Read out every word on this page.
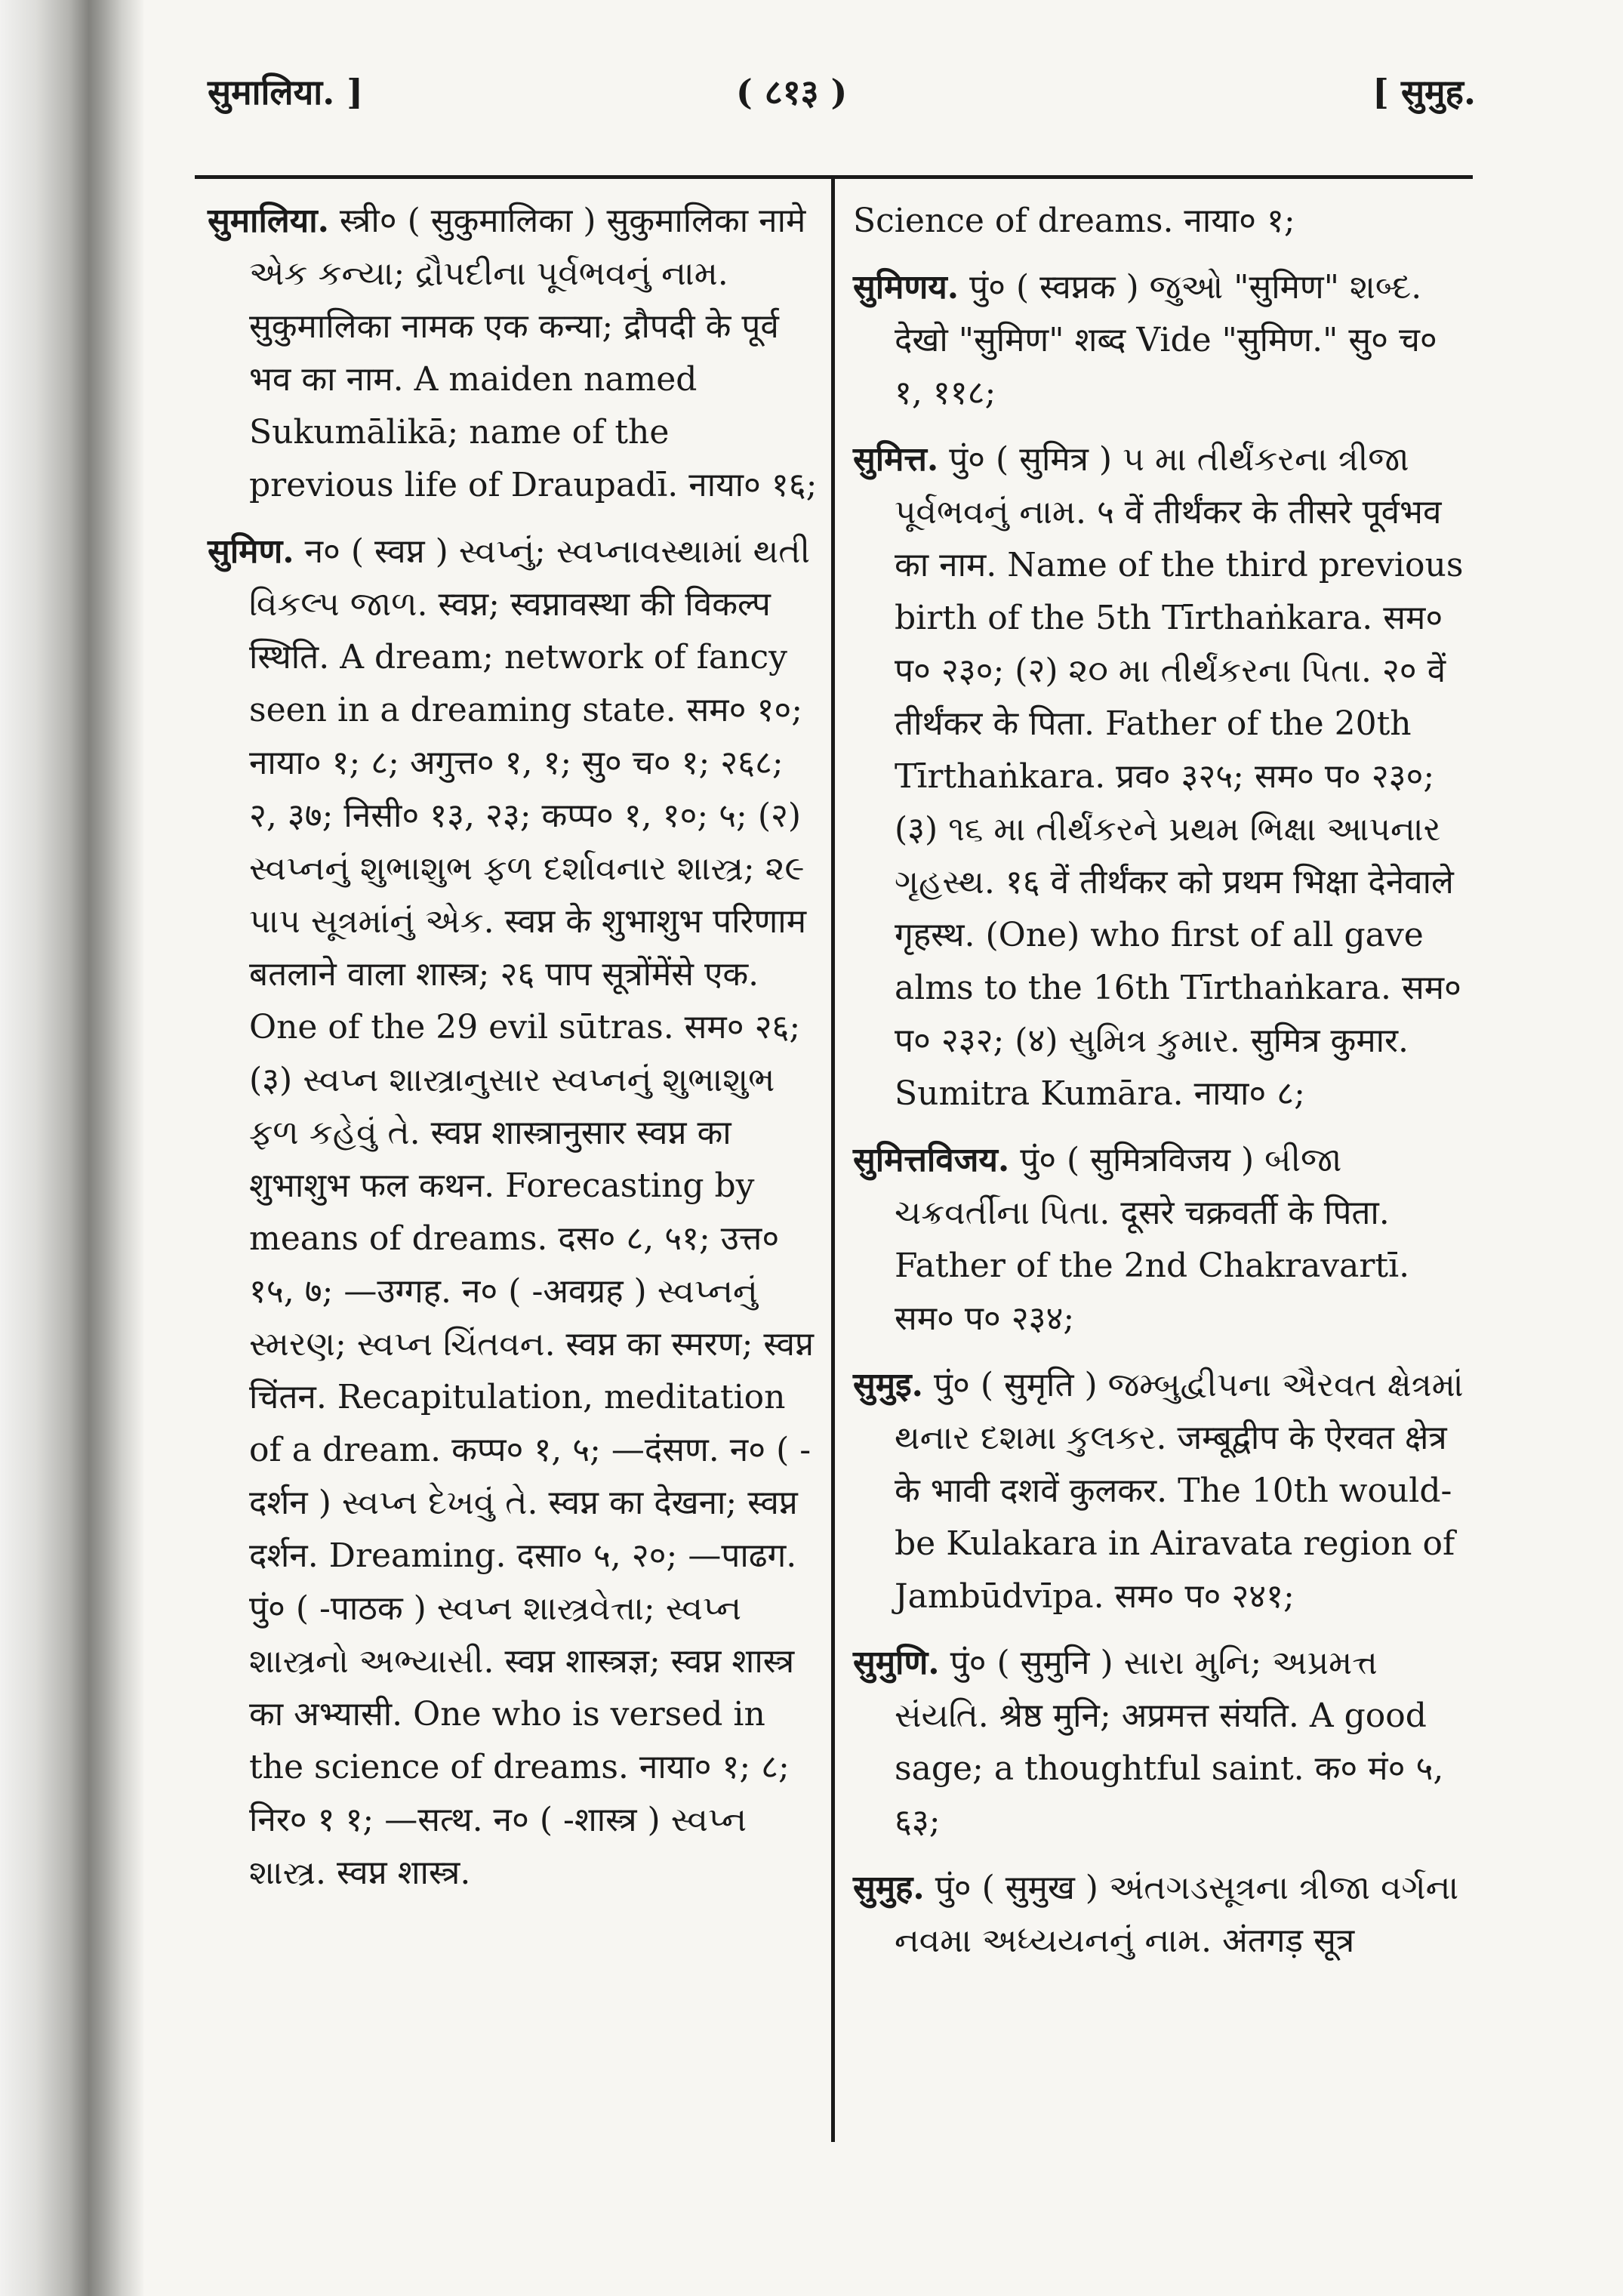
सुमालिया. ]	( ८१३ )	[ सुमुह.

सुमालिया. स्त्री० ( सुकुमालिका ) सुकुमालिका नामे એક કન્યા; દ્રૌપદીના પૂર્વભવનું નામ. सुकुमालिका नामक एक कन्या; द्रौपदी के पूर्व भव का नाम. A maiden named Sukumālikā; name of the previous life of Draupadī. नाया० १६;

सुमिण. न० ( स्वप्न ) સ્વપ્નું; સ્વપ્નાવસ્થામાં થતી વિકલ્પ જાળ. स्वप्न; स्वप्नावस्था की विकल्प स्थिति. A dream; network of fancy seen in a dreaming state. सम० १०; नाया० १; ८; अगुत्त० १, १; सु० च० १; २६८; २, ३७; निसी० १३, २३; कप्प० १, १०; ५; (२) સ્વપ્નનું શુભાશુભ ફળ દર્શાવનાર શાસ્ત્ર; ૨૯ પાપ સૂત્રમાંનું એક. स्वप्न के शुभाशुभ परिणाम बतलाने वाला शास्त्र; २६ पाप सूत्रोंमेंसे एक. One of the 29 evil sūtras. सम० २६; (३) સ્વપ્ન શાસ્ત્રાનુસાર સ્વપ્નનું શુભાશુભ ફળ કહેવું તે. स्वप्न शास्त्रानुसार स्वप्न का शुभाशुभ फल कथन. Forecasting by means of dreams. दस० ८, ५१; उत्त० १५, ७; —उग्गह. न० ( -अवग्रह ) સ્વપ્નનું સ્મરણ; સ્વપ્ન ચિંતવન. स्वप्न का स्मरण; स्वप्न चिंतन. Recapitulation, meditation of a dream. कप्प० १, ५; —दंसण. न० ( -दर्शन ) સ્વપ્ન દેખવું તે. स्वप्न का देखना; स्वप्न दर्शन. Dreaming. दसा० ५, २०; —पाढग. पुं० ( -पाठक ) સ્વપ્ન શાસ્ત્રવેત્તા; સ્વપ્ન શાસ્ત્રનો અભ્યાસી. स्वप्न शास्त्रज्ञ; स्वप्न शास्त्र का अभ्यासी. One who is versed in the science of dreams. नाया० १; ८; निर० १ १; —सत्थ. न० ( -शास्त्र ) સ્વપ્ન શાસ્ત્ર. स्वप्न शास्त्र.

Science of dreams. नाया० १;

सुमिणय. पुं० ( स्वप्नक ) જુઓ "सुमिण" શબ્દ. देखो "सुमिण" शब्द Vide "सुमिण." सु० च० १, ११८;

सुमित्त. पुं० ( सुमित्र ) ૫ મા તીર્થંકરના ત્રીજા પૂર્વભવનું નામ. ५ वें तीर्थंकर के तीसरे पूर्वभव का नाम. Name of the third previous birth of the 5th Tīrthaṅkara. सम० प० २३०; (२) ૨૦ મા તીર્થંકરના પિતા. २० वें तीर्थंकर के पिता. Father of the 20th Tīrthaṅkara. प्रव० ३२५; सम० प० २३०; (३) ૧૬ મા તીર્થંકરને પ્રથમ ભિક્ષા આપનાર ગૃહસ્થ. १६ वें तीर्थंकर को प्रथम भिक्षा देनेवाले गृहस्थ. (One) who first of all gave alms to the 16th Tīrthaṅkara. सम० प० २३२; (४) સુમિત્ર કુમાર. सुमित्र कुमार. Sumitra Kumāra. नाया० ८;

सुमित्तविजय. पुं० ( सुमित्रविजय ) બીજા ચક્રવર્તીના પિતા. दूसरे चक्रवर्ती के पिता. Father of the 2nd Chakravartī. सम० प० २३४;

सुमुइ. पुं० ( सुमृति ) જમ્બુદ્વીપના ઐરવત ક્ષેત્રમાં થનાર દશમા કુલકર. जम्बूद्वीप के ऐरवत क्षेत्र के भावी दशवें कुलकर. The 10th would-be Kulakara in Airavata region of Jambūdvīpa. सम० प० २४१;

सुमुणि. पुं० ( सुमुनि ) સારા મુનિ; અપ્રમત્ત સંયતિ. श्रेष्ठ मुनि; अप्रमत्त संयति. A good sage; a thoughtful saint. क० मं० ५, ६३;

सुमुह. पुं० ( सुमुख ) અંતગડસૂત્રના ત્રીજા વર્ગના નવમા અધ્યયનનું નામ. अंतगड़ सूत्र
